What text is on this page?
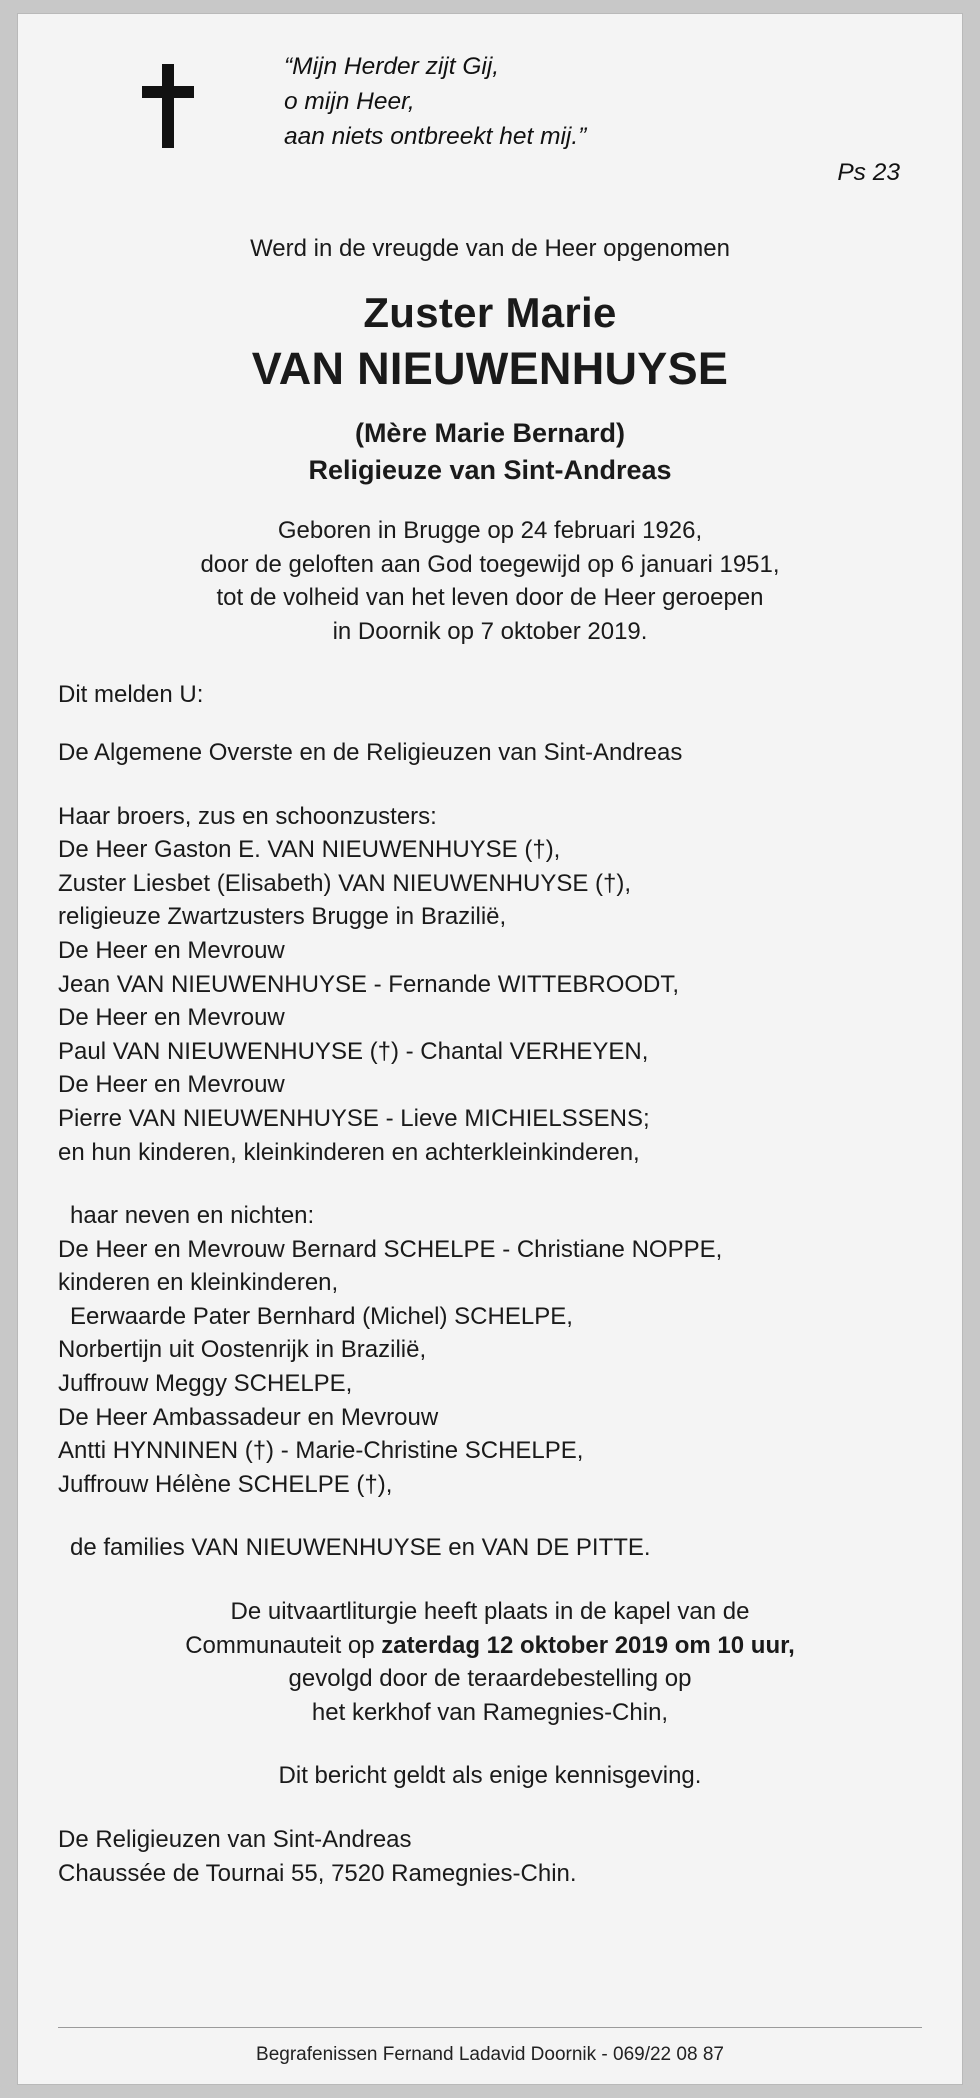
“Mijn Herder zijt Gij,
o mijn Heer,
aan niets ontbreekt het mij.”
Ps 23
Werd in de vreugde van de Heer opgenomen
Zuster Marie
VAN NIEUWENHUYSE
(Mère Marie Bernard)
Religieuze van Sint-Andreas
Geboren in Brugge op 24 februari 1926,
door de geloften aan God toegewijd op 6 januari 1951,
tot de volheid van het leven door de Heer geroepen
in Doornik op 7 oktober 2019.
Dit melden U:
De Algemene Overste en de Religieuzen van Sint-Andreas
Haar broers, zus en schoonzusters:
De Heer Gaston E. VAN NIEUWENHUYSE (†),
Zuster Liesbet (Elisabeth) VAN NIEUWENHUYSE (†),
religieuze Zwartzusters Brugge in Brazilië,
De Heer en Mevrouw
Jean VAN NIEUWENHUYSE - Fernande WITTEBROODT,
De Heer en Mevrouw
Paul VAN NIEUWENHUYSE (†) - Chantal VERHEYEN,
De Heer en Mevrouw
Pierre VAN NIEUWENHUYSE - Lieve MICHIELSSENS;
en hun kinderen, kleinkinderen en achterkleinkinderen,
haar neven en nichten:
De Heer en Mevrouw Bernard SCHELPE - Christiane NOPPE,
kinderen en kleinkinderen,
Eerwaarde Pater Bernhard (Michel) SCHELPE,
Norbertijn uit Oostenrijk in Brazilië,
Juffrouw Meggy SCHELPE,
De Heer Ambassadeur en Mevrouw
Antti HYNNINEN (†) - Marie-Christine SCHELPE,
Juffrouw Hélène SCHELPE (†),
de families VAN NIEUWENHUYSE en VAN DE PITTE.
De uitvaartliturgie heeft plaats in de kapel van de
Communauteit op zaterdag 12 oktober 2019 om 10 uur,
gevolgd door de teraardebestelling op
het kerkhof van Ramegnies-Chin,
Dit bericht geldt als enige kennisgeving.
De Religieuzen van Sint-Andreas
Chaussée de Tournai 55, 7520 Ramegnies-Chin.
Begrafenissen Fernand Ladavid Doornik - 069/22 08 87
